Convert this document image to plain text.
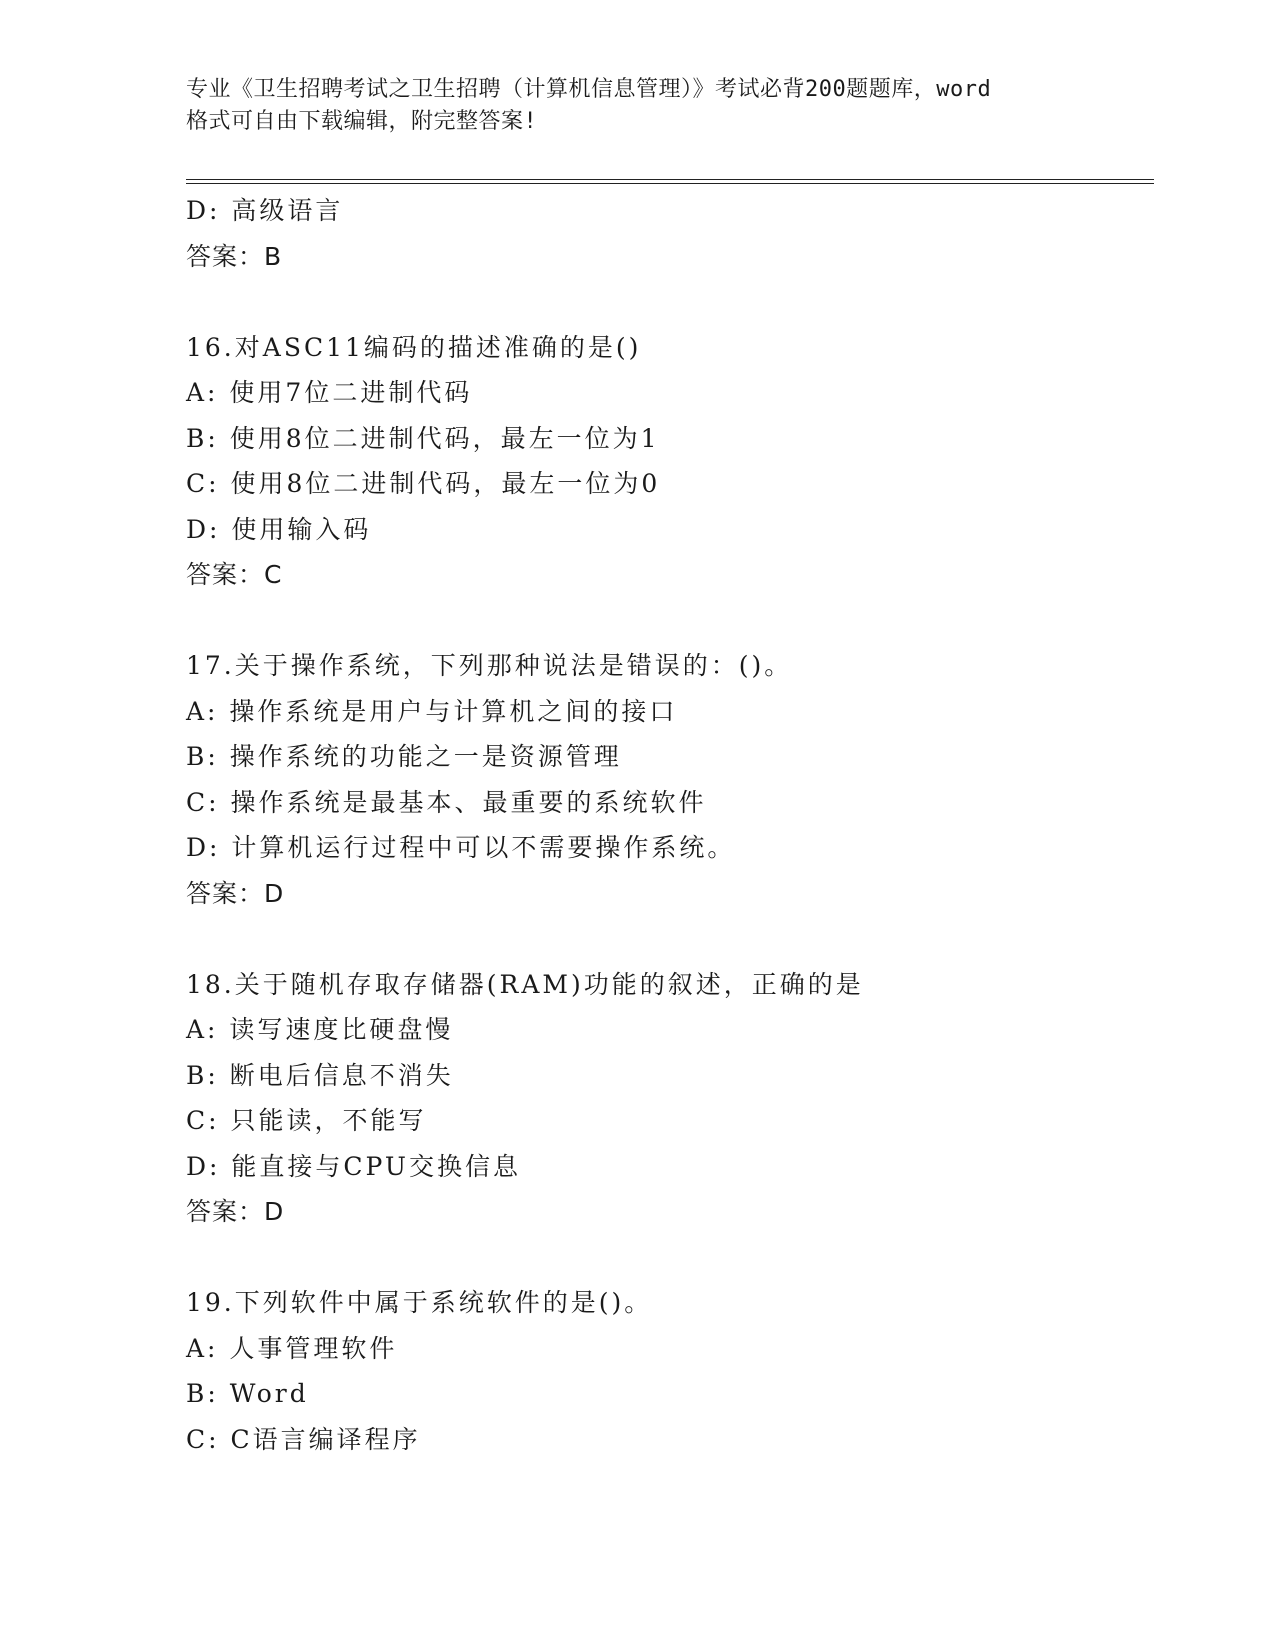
专业《卫生招聘考试之卫生招聘（计算机信息管理）》考试必背200题题库，word
格式可自由下载编辑，附完整答案!
D: 高级语言
答案：B
16.对ASC11编码的描述准确的是()
A: 使用7位二进制代码
B: 使用8位二进制代码，最左一位为1
C: 使用8位二进制代码，最左一位为0
D: 使用输入码
答案：C
17.关于操作系统，下列那种说法是错误的：()。
A: 操作系统是用户与计算机之间的接口
B: 操作系统的功能之一是资源管理
C: 操作系统是最基本、最重要的系统软件
D: 计算机运行过程中可以不需要操作系统。
答案：D
18.关于随机存取存储器(RAM)功能的叙述，正确的是
A: 读写速度比硬盘慢
B: 断电后信息不消失
C: 只能读，不能写
D: 能直接与CPU交换信息
答案：D
19.下列软件中属于系统软件的是()。
A: 人事管理软件
B: Word
C: C语言编译程序
